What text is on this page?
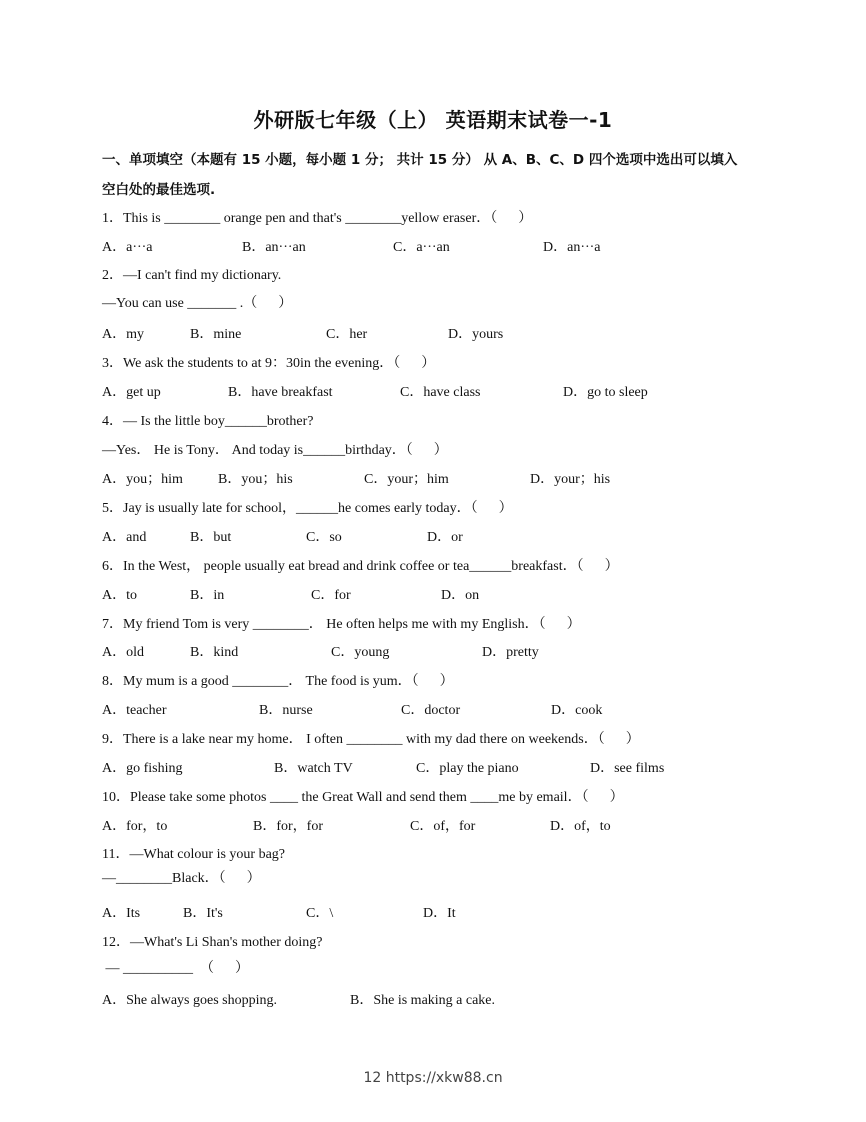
外研版七年级（上） 英语期末试卷一-1
一、单项填空（本题有 15 小题，每小题 1 分； 共计 15 分） 从 A、B、C、D 四个选项中选出可以填入
空白处的最佳选项.
1．This is ________ orange pen and that's ________yellow eraser．（      ）
A．a···a	B．an···an	C．a···an	D．an···a
2．—I can't find my dictionary.
—You can use _______ .（      ）
A．my	B．mine	C．her	D．yours
3．We ask the students to at 9：30in the evening．（      ）
A．get up	B．have breakfast	C．have class	D．go to sleep
4．— Is the little boy______brother?
—Yes． He is Tony． And today is______birthday．（      ）
A．you；him	B．you；his	C．your；him	D．your；his
5．Jay is usually late for school，______he comes early today．（      ）
A．and	B．but	C．so	D．or
6．In the West， people usually eat bread and drink coffee or tea______breakfast．（      ）
A．to	B．in	C．for	D．on
7．My friend Tom is very ________． He often helps me with my English．（      ）
A．old	B．kind	C．young	D．pretty
8．My mum is a good ________． The food is yum．（      ）
A．teacher	B．nurse	C．doctor	D．cook
9．There is a lake near my home． I often ________ with my dad there on weekends．（      ）
A．go fishing	B．watch TV	C．play the piano	D．see films
10．Please take some photos ____ the Great Wall and send them ____me by email．（      ）
A．for，to	B．for，for	C．of，for	D．of，to
11．—What colour is your bag?
—________Black．（      ）
A．Its	B．It's	C．\	D．It
12．—What's Li Shan's mother doing?
— __________  （      ）
A．She always goes shopping.	B．She is making a cake.
12 https://xkw88.cn
